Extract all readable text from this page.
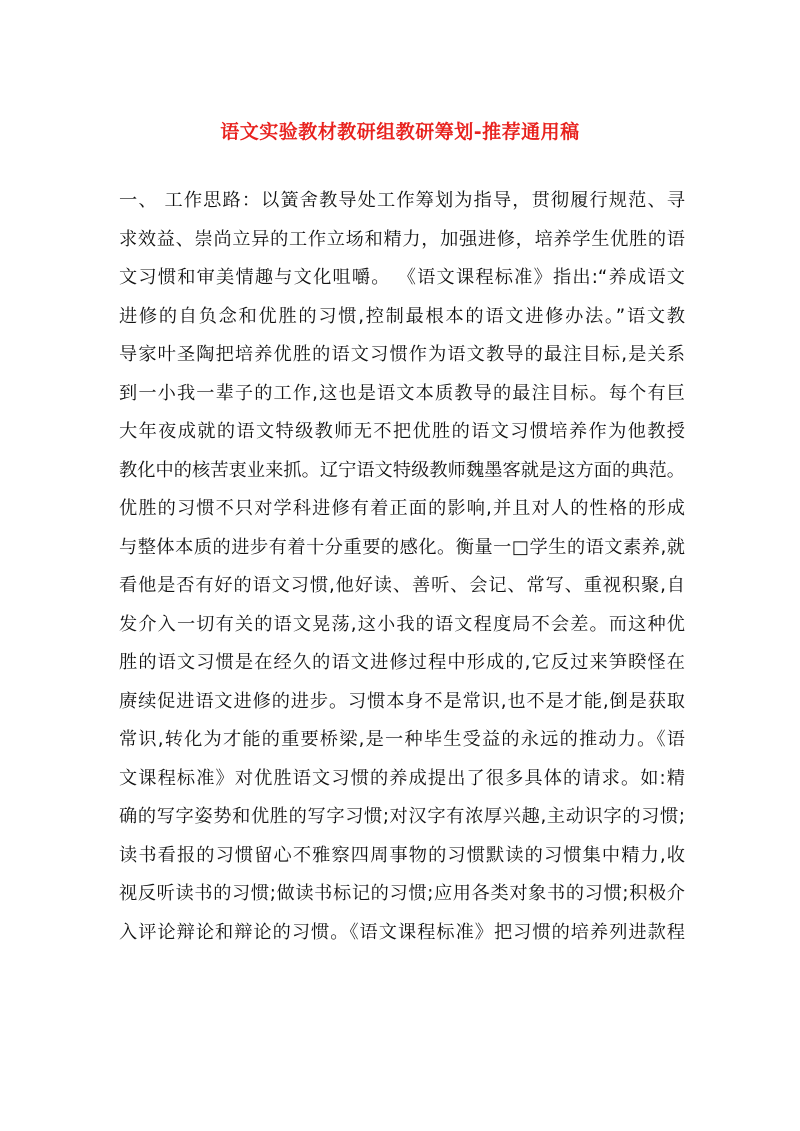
语文实验教材教研组教研筹划-推荐通用稿
一、 工作思路：以簧舍教导处工作筹划为指导，贯彻履行规范、寻
求效益、崇尚立异的工作立场和精力，加强进修，培养学生优胜的语
文习惯和审美情趣与文化咀嚼。 《语文课程标准》指出:“养成语文
进修的自负念和优胜的习惯,控制最根本的语文进修办法。”语文教
导家叶圣陶把培养优胜的语文习惯作为语文教导的最注目标,是关系
到一小我一辈子的工作,这也是语文本质教导的最注目标。每个有巨
大年夜成就的语文特级教师无不把优胜的语文习惯培养作为他教授
教化中的核苦衷业来抓。辽宁语文特级教师魏墨客就是这方面的典范。
优胜的习惯不只对学科进修有着正面的影响,并且对人的性格的形成
与整体本质的进步有着十分重要的感化。衡量一□学生的语文素养,就
看他是否有好的语文习惯,他好读、善听、会记、常写、重视积聚,自
发介入一切有关的语文晃荡,这小我的语文程度局不会差。而这种优
胜的语文习惯是在经久的语文进修过程中形成的,它反过来笋睽怪在
赓续促进语文进修的进步。习惯本身不是常识,也不是才能,倒是获取
常识,转化为才能的重要桥梁,是一种毕生受益的永远的推动力。《语
文课程标准》对优胜语文习惯的养成提出了很多具体的请求。如:精
确的写字姿势和优胜的写字习惯;对汉字有浓厚兴趣,主动识字的习惯;
读书看报的习惯留心不雅察四周事物的习惯默读的习惯集中精力,收
视反听读书的习惯;做读书标记的习惯;应用各类对象书的习惯;积极介
入评论辩论和辩论的习惯。《语文课程标准》把习惯的培养列进款程
